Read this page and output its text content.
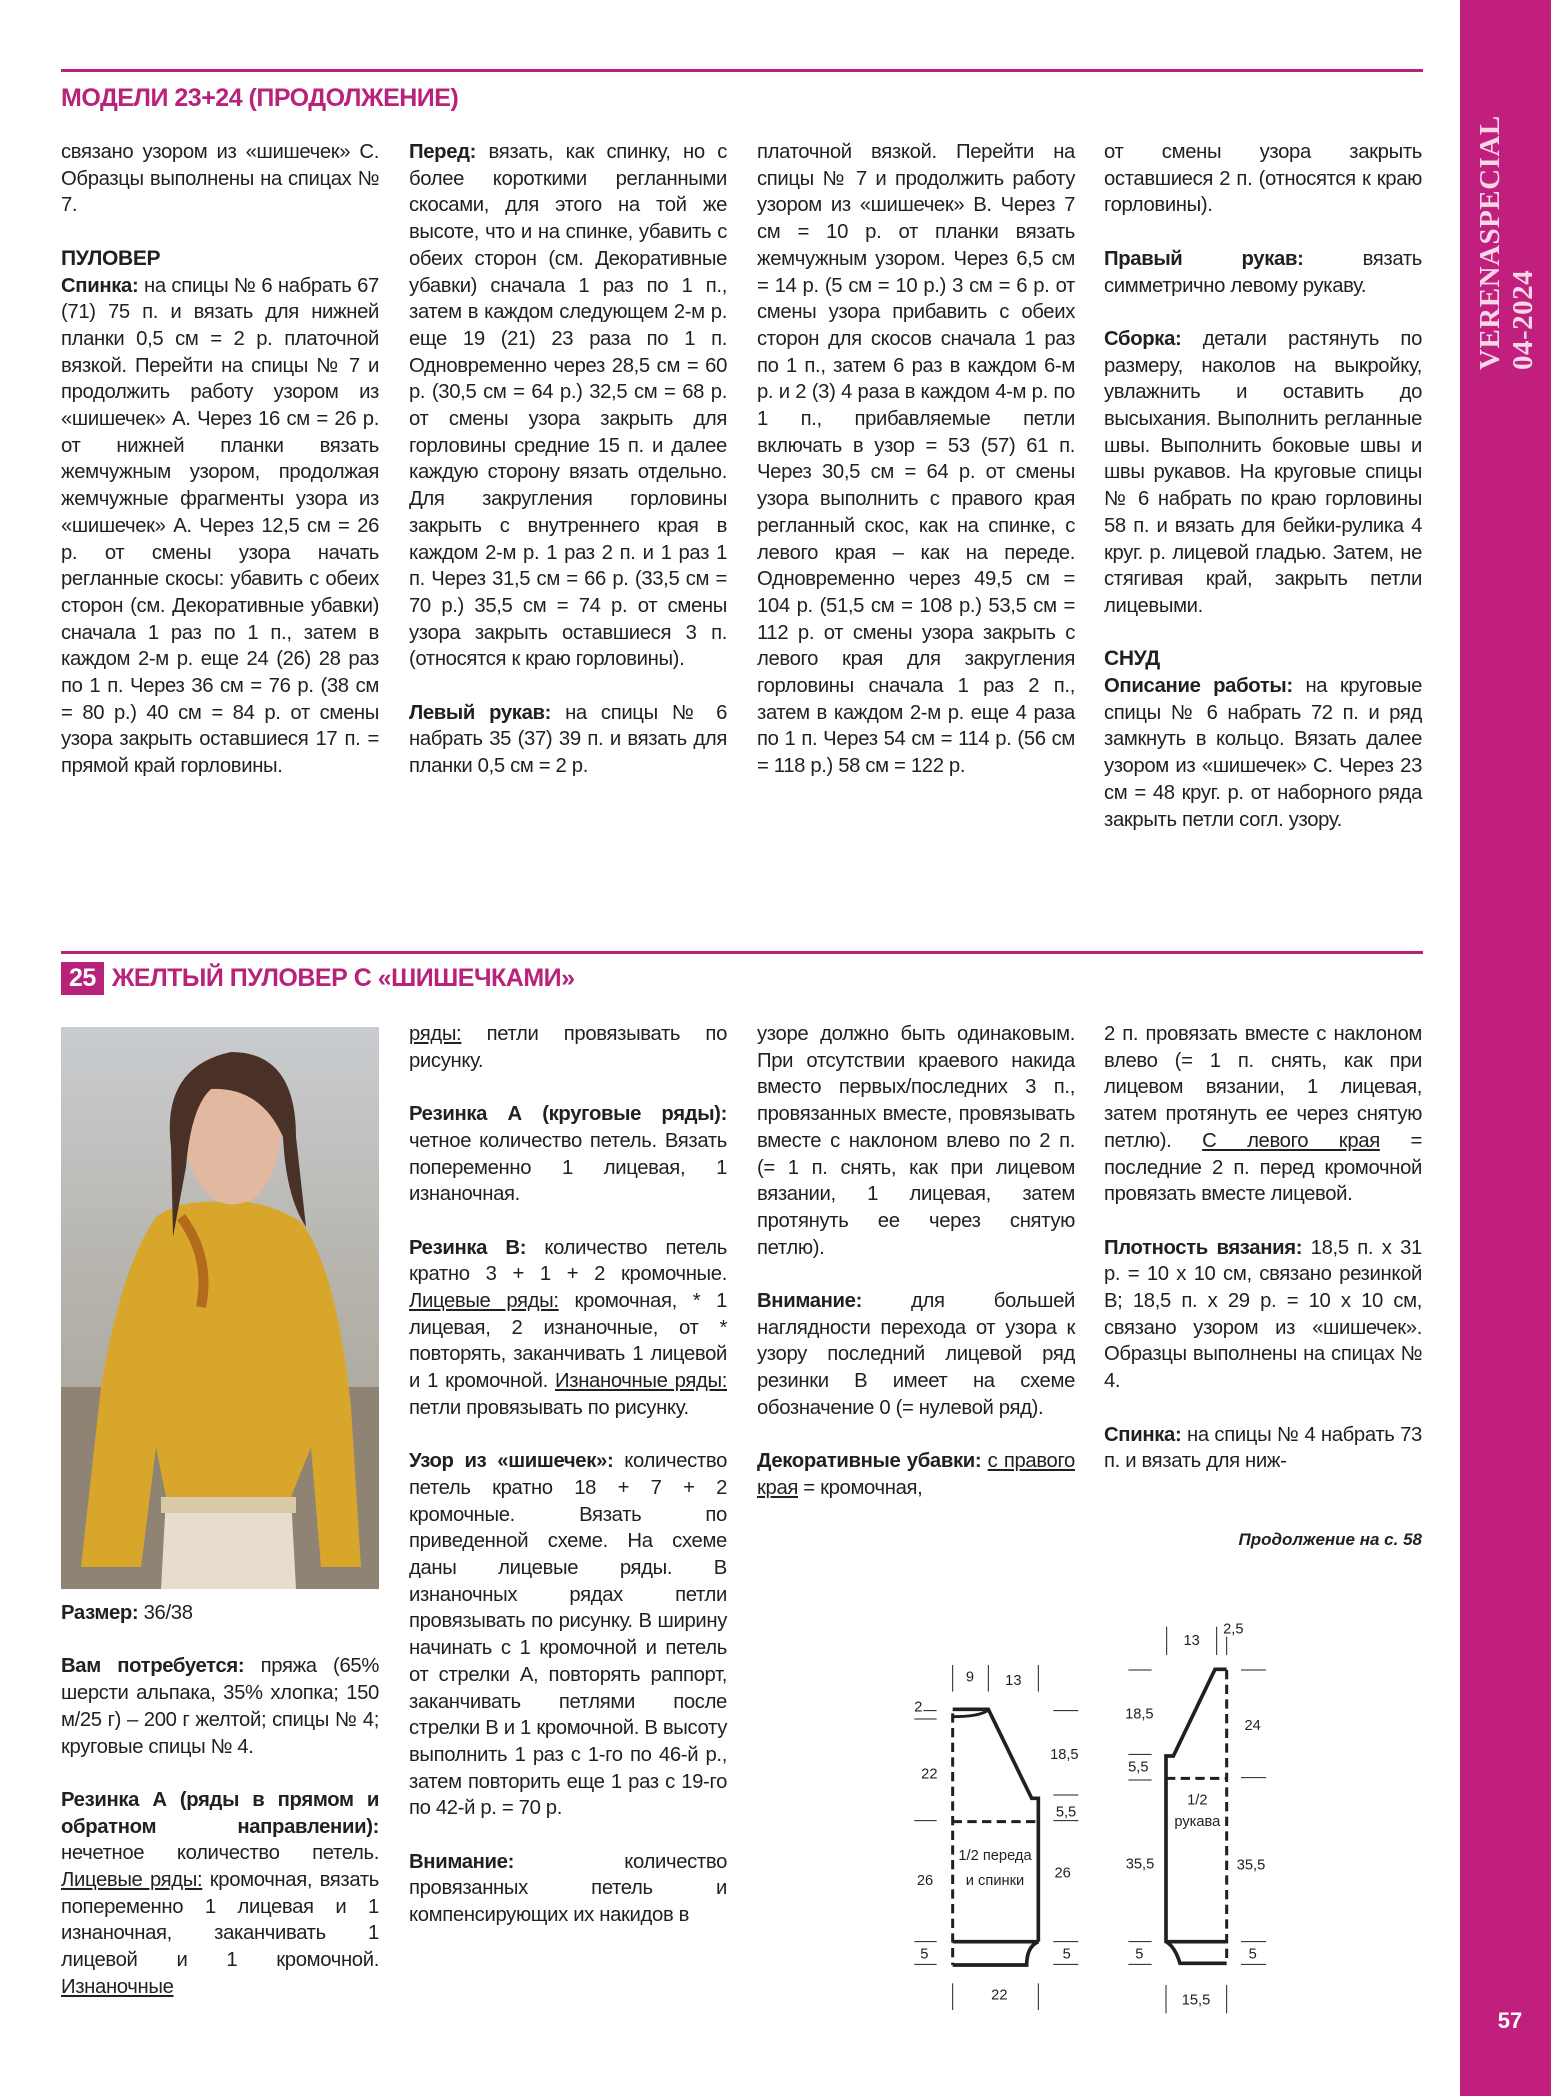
VERENASPECIAL 04-2024
57
МОДЕЛИ 23+24 (ПРОДОЛЖЕНИЕ)

связано узором из «шишечек» С. Образцы выполнены на спицах № 7.

ПУЛОВЕР

Спинка: на спицы № 6 набрать 67 (71) 75 п. и вязать для нижней планки 0,5 см = 2 р. платочной вязкой. Перейти на спицы № 7 и продолжить работу узором из «шишечек» А. Через 16 см = 26 р. от нижней планки вязать жемчужным узором, продолжая жемчужные фрагменты узора из «шишечек» А. Через 12,5 см = 26 р. от смены узора начать регланные скосы: убавить с обеих сторон (см. Декоративные убавки) сначала 1 раз по 1 п., затем в каждом 2-м р. еще 24 (26) 28 раз по 1 п. Через 36 см = 76 р. (38 см = 80 р.) 40 см = 84 р. от смены узора закрыть оставшиеся 17 п. = прямой край горловины.

Перед: вязать, как спинку, но с более короткими регланными скосами, для этого на той же высоте, что и на спинке, убавить с обеих сторон (см. Декоративные убавки) сначала 1 раз по 1 п., затем в каждом следующем 2-м р. еще 19 (21) 23 раза по 1 п. Одновременно через 28,5 см = 60 р. (30,5 см = 64 р.) 32,5 см = 68 р. от смены узора закрыть для горловины средние 15 п. и далее каждую сторону вязать отдельно. Для закругления горловины закрыть с внутреннего края в каждом 2-м р. 1 раз 2 п. и 1 раз 1 п. Через 31,5 см = 66 р. (33,5 см = 70 р.) 35,5 см = 74 р. от смены узора закрыть оставшиеся 3 п. (относятся к краю горловины).

Левый рукав: на спицы № 6 набрать 35 (37) 39 п. и вязать для планки 0,5 см = 2 р.

платочной вязкой. Перейти на спицы № 7 и продолжить работу узором из «шишечек» В. Через 7 см = 10 р. от планки вязать жемчужным узором. Через 6,5 см = 14 р. (5 см = 10 р.) 3 см = 6 р. от смены узора прибавить с обеих сторон для скосов сначала 1 раз по 1 п., затем 6 раз в каждом 6-м р. и 2 (3) 4 раза в каждом 4-м р. по 1 п., прибавляемые петли включать в узор = 53 (57) 61 п. Через 30,5 см = 64 р. от смены узора выполнить с правого края регланный скос, как на спинке, с левого края – как на переде. Одновременно через 49,5 см = 104 р. (51,5 см = 108 р.) 53,5 см = 112 р. от смены узора закрыть с левого края для закругления горловины сначала 1 раз 2 п., затем в каждом 2-м р. еще 4 раза по 1 п. Через 54 см = 114 р. (56 см = 118 р.) 58 см = 122 р.

от смены узора закрыть оставшиеся 2 п. (относятся к краю горловины).

Правый рукав: вязать симметрично левому рукаву.

Сборка: детали растянуть по размеру, наколов на выкройку, увлажнить и оставить до высыхания. Выполнить регланные швы. Выполнить боковые швы и швы рукавов. На круговые спицы № 6 набрать по краю горловины 58 п. и вязать для бейки-рулика 4 круг. р. лицевой гладью. Затем, не стягивая край, закрыть петли лицевыми.

СНУД

Описание работы: на круговые спицы № 6 набрать 72 п. и ряд замкнуть в кольцо. Вязать далее узором из «шишечек» С. Через 23 см = 48 круг. р. от наборного ряда закрыть петли согл. узору.

25 ЖЕЛТЫЙ ПУЛОВЕР С «ШИШЕЧКАМИ»

Размер: 36/38

Вам потребуется: пряжа (65% шерсти альпака, 35% хлопка; 150 м/25 г) – 200 г желтой; спицы № 4; круговые спицы № 4.

Резинка А (ряды в прямом и обратном направлении): нечетное количество петель. Лицевые ряды: кромочная, вязать попеременно 1 лицевая и 1 изнаночная, заканчивать 1 лицевой и 1 кромочной. Изнаночные

ряды: петли провязывать по рисунку.

Резинка А (круговые ряды): четное количество петель. Вязать попеременно 1 лицевая, 1 изнаночная.

Резинка В: количество петель кратно 3 + 1 + 2 кромочные. Лицевые ряды: кромочная, * 1 лицевая, 2 изнаночные, от * повторять, заканчивать 1 лицевой и 1 кромочной. Изнаночные ряды: петли провязывать по рисунку.

Узор из «шишечек»: количество петель кратно 18 + 7 + 2 кромочные. Вязать по приведенной схеме. На схеме даны лицевые ряды. В изнаночных рядах петли провязывать по рисунку. В ширину начинать с 1 кромочной и петель от стрелки А, повторять раппорт, заканчивать петлями после стрелки В и 1 кромочной. В высоту выполнить 1 раз с 1-го по 46-й р., затем повторить еще 1 раз с 19-го по 42-й р. = 70 р.

Внимание: количество провязанных петель и компенсирующих их накидов в

узоре должно быть одинаковым. При отсутствии краевого накида вместо первых/последних 3 п., провязанных вместе, провязывать вместе с наклоном влево по 2 п. (= 1 п. снять, как при лицевом вязании, 1 лицевая, затем протянуть ее через снятую петлю).

Внимание: для большей наглядности перехода от узора к узору последний лицевой ряд резинки В имеет на схеме обозначение 0 (= нулевой ряд).

Декоративные убавки: с правого края = кромочная,

2 п. провязать вместе с наклоном влево (= 1 п. снять, как при лицевом вязании, 1 лицевая, затем протянуть ее через снятую петлю). С левого края = последние 2 п. перед кромочной провязать вместе лицевой.

Плотность вязания: 18,5 п. x 31 р. = 10 x 10 см, связано резинкой В; 18,5 п. x 29 р. = 10 x 10 см, связано узором из «шишечек». Образцы выполнены на спицах № 4.

Спинка: на спицы № 4 набрать 73 п. и вязать для ниж-

Продолжение на с. 58
9 13
2
22
18,5
5,5
26	26
1/2 переда
и спинки
5	5
22
13
2,5
18,5
24
5,5
1/2
рукава
35,5 35,5
5 5
15,5
